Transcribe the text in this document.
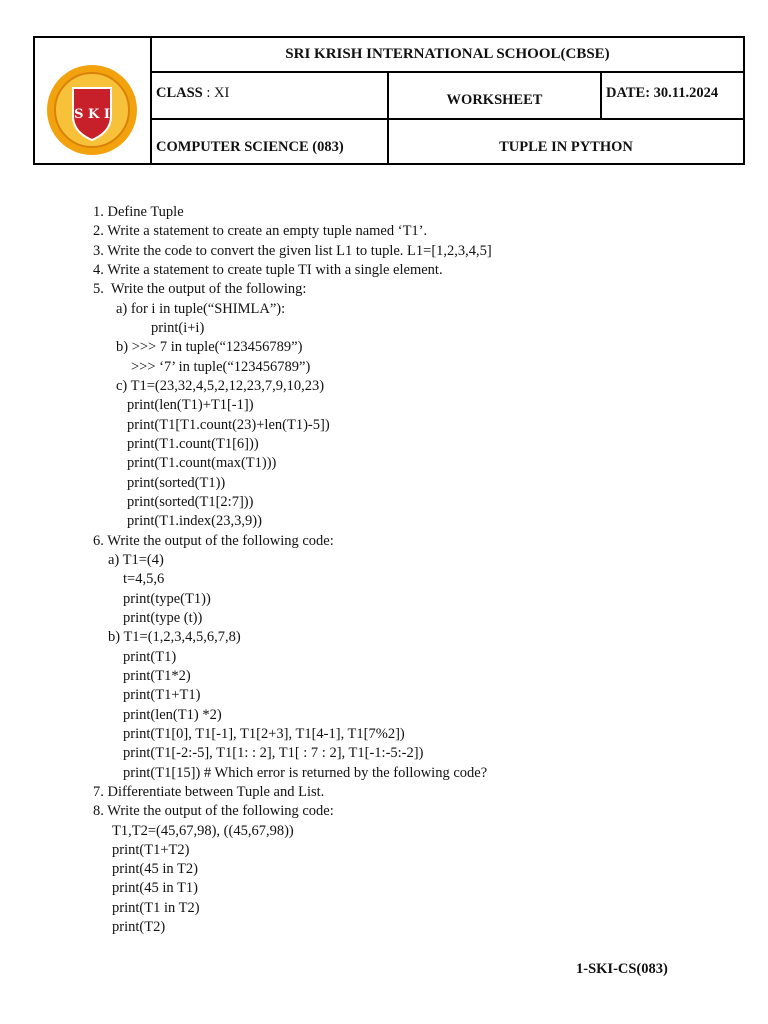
S K I
SRI KRISH INTERNATIONAL SCHOOL(CBSE)
CLASS : XI	WORKSHEET	DATE: 30.11.2024
COMPUTER SCIENCE (083)	TUPLE IN PYTHON
1. Define Tuple
2. Write a statement to create an empty tuple named ‘T1’.
3. Write the code to convert the given list L1 to tuple. L1=[1,2,3,4,5]
4. Write a statement to create tuple TI with a single element.
5.  Write the output of the following:
a) for i in tuple(“SHIMLA”):
print(i+i)
b) >>> 7 in tuple(“123456789”)
>>> ‘7’ in tuple(“123456789”)
c) T1=(23,32,4,5,2,12,23,7,9,10,23)
print(len(T1)+T1[-1])
print(T1[T1.count(23)+len(T1)-5])
print(T1.count(T1[6]))
print(T1.count(max(T1)))
print(sorted(T1))
print(sorted(T1[2:7]))
print(T1.index(23,3,9))
6. Write the output of the following code:
a) T1=(4)
t=4,5,6
print(type(T1))
print(type (t))
b) T1=(1,2,3,4,5,6,7,8)
print(T1)
print(T1*2)
print(T1+T1)
print(len(T1) *2)
print(T1[0], T1[-1], T1[2+3], T1[4-1], T1[7%2])
print(T1[-2:-5], T1[1: : 2], T1[ : 7 : 2], T1[-1:-5:-2])
print(T1[15]) # Which error is returned by the following code?
7. Differentiate between Tuple and List.
8. Write the output of the following code:
T1,T2=(45,67,98), ((45,67,98))
print(T1+T2)
print(45 in T2)
print(45 in T1)
print(T1 in T2)
print(T2)
1-SKI-CS(083)
